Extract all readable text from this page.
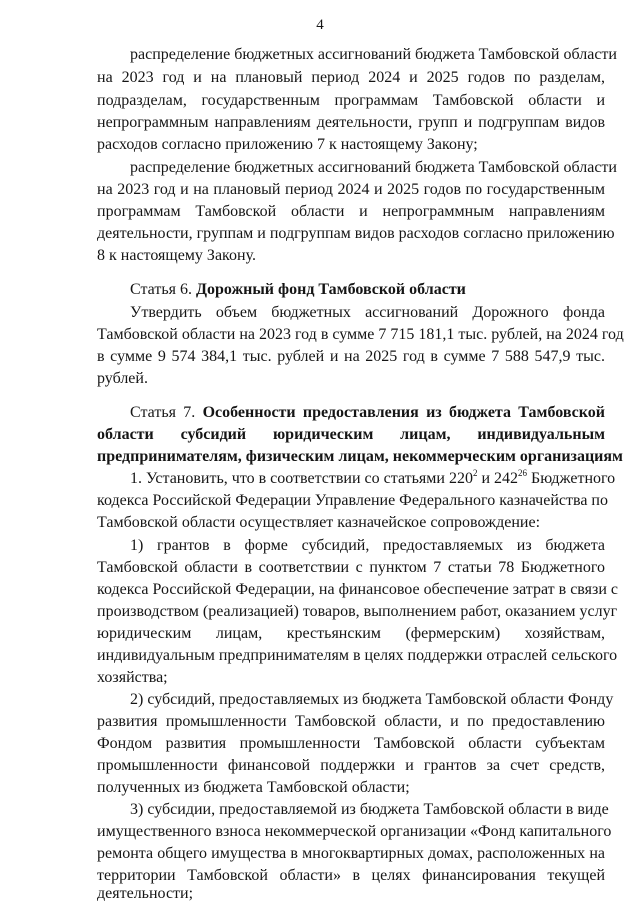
4
распределение бюджетных ассигнований бюджета Тамбовской области
на 2023 год и на плановый период 2024 и 2025 годов по разделам,
подразделам, государственным программам Тамбовской области и
непрограммным направлениям деятельности, групп и подгруппам видов
расходов согласно приложению 7 к настоящему Закону;
распределение бюджетных ассигнований бюджета Тамбовской области
на 2023 год и на плановый период 2024 и 2025 годов по государственным
программам Тамбовской области и непрограммным направлениям
деятельности, группам и подгруппам видов расходов согласно приложению
8 к настоящему Закону.
Статья 6. Дорожный фонд Тамбовской области
Утвердить объем бюджетных ассигнований Дорожного фонда
Тамбовской области на 2023 год в сумме 7 715 181,1 тыс. рублей, на 2024 год
в сумме 9 574 384,1 тыс. рублей и на 2025 год в сумме 7 588 547,9 тыс.
рублей.
Статья 7. Особенности предоставления из бюджета Тамбовской
области субсидий юридическим лицам, индивидуальным
предпринимателям, физическим лицам, некоммерческим организациям
1. Установить, что в соответствии со статьями $220^2$ и $242^{26}$ Бюджетного
кодекса Российской Федерации Управление Федерального казначейства по
Тамбовской области осуществляет казначейское сопровождение:
1) грантов в форме субсидий, предоставляемых из бюджета
Тамбовской области в соответствии с пунктом 7 статьи 78 Бюджетного
кодекса Российской Федерации, на финансовое обеспечение затрат в связи с
производством (реализацией) товаров, выполнением работ, оказанием услуг
юридическим лицам, крестьянским (фермерским) хозяйствам,
индивидуальным предпринимателям в целях поддержки отраслей сельского
хозяйства;
2) субсидий, предоставляемых из бюджета Тамбовской области Фонду
развития промышленности Тамбовской области, и по предоставлению
Фондом развития промышленности Тамбовской области субъектам
промышленности финансовой поддержки и грантов за счет средств,
полученных из бюджета Тамбовской области;
3) субсидии, предоставляемой из бюджета Тамбовской области в виде
имущественного взноса некоммерческой организации «Фонд капитального
ремонта общего имущества в многоквартирных домах, расположенных на
территории Тамбовской области» в целях финансирования текущей
деятельности;
